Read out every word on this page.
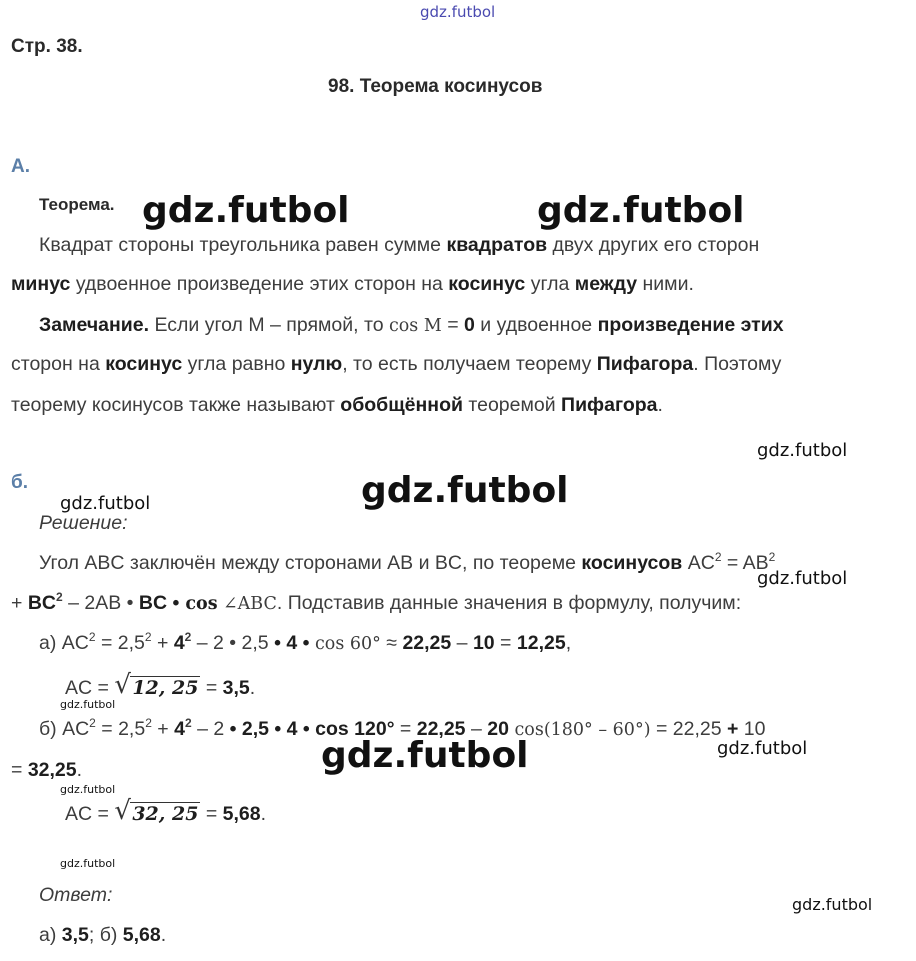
gdz.futbol
gdz.futbol	gdz.futbol
gdz.futbol
gdz.futbol
gdz.futbol
gdz.futbol
gdz.futbol
gdz.futbol	gdz.futbol
gdz.futbol
gdz.futbol
gdz.futbol
Стр. 38.
98. Теорема косинусов
А.
Теорема.
Квадрат стороны треугольника равен сумме квадратов двух других его сторон
минус удвоенное произведение этих сторон на косинус угла между ними.
Замечание. Если угол М – прямой, то cos M = 0 и удвоенное произведение этих
сторон на косинус угла равно нулю, то есть получаем теорему Пифагора. Поэтому
теорему косинусов также называют обобщённой теоремой Пифагора.
б.
Решение:
Угол ABC заключён между сторонами AB и BC, по теореме косинусов $AC^2 = AB^2$
+ $BC^2 - 2AB$ • BC • cos ∠ABC. Подставив данные значения в формулу, получим:
а) $AC^2 = 2,5^2 + 4^2 - 2$ • 2,5 • 4 • cos 60° ≈ 22,25 – 10 = 12,25,
AC = √ 12, 25 = 3,5.
б) $AC^2 = 2,5^2 + 4^2 - 2$ • 2,5 • 4 • cos 120° = 22,25 – 20 cos(180° – 60°) = 22,25 + 10
= 32,25.
AC = √ 32, 25 = 5,68.
Ответ:
а) 3,5; б) 5,68.
